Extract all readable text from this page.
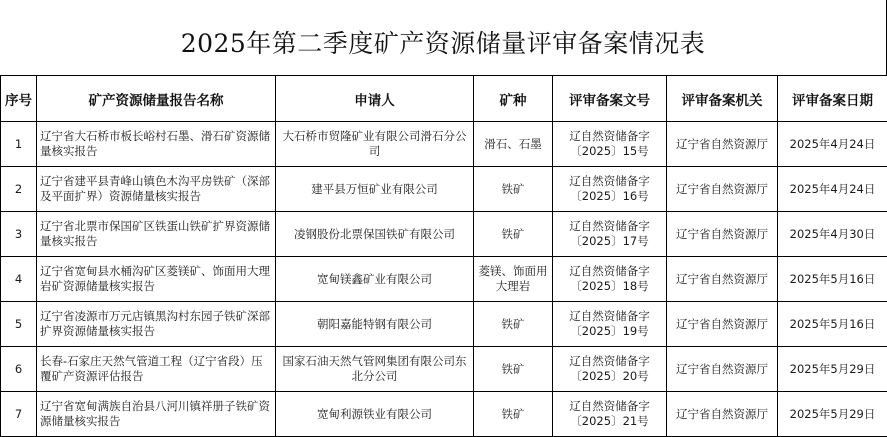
2025年第二季度矿产资源储量评审备案情况表
序号	矿产资源储量报告名称	申请人	矿种	评审备案文号	评审备案机关	评审备案日期
1	辽宁省大石桥市板长峪村石墨、滑石矿资源储量核实报告	大石桥市贸隆矿业有限公司滑石分公司	滑石、石墨	辽自然资储备字〔2025〕15号	辽宁省自然资源厅	2025年4月24日
2	辽宁省建平县青峰山镇色木沟平房铁矿（深部及平面扩界）资源储量核实报告	建平县万恒矿业有限公司	铁矿	辽自然资储备字〔2025〕16号	辽宁省自然资源厅	2025年4月24日
3	辽宁省北票市保国矿区铁蛋山铁矿扩界资源储量核实报告	凌钢股份北票保国铁矿有限公司	铁矿	辽自然资储备字〔2025〕17号	辽宁省自然资源厅	2025年4月30日
4	辽宁省宽甸县水桶沟矿区菱镁矿、饰面用大理岩矿资源储量核实报告	宽甸镁鑫矿业有限公司	菱镁、饰面用大理岩	辽自然资储备字〔2025〕18号	辽宁省自然资源厅	2025年5月16日
5	辽宁省凌源市万元店镇黑沟村东园子铁矿深部扩界资源储量核实报告	朝阳嘉能特钢有限公司	铁矿	辽自然资储备字〔2025〕19号	辽宁省自然资源厅	2025年5月16日
6	长春-石家庄天然气管道工程（辽宁省段）压覆矿产资源评估报告	国家石油天然气管网集团有限公司东北分公司	铁矿	辽自然资储备字〔2025〕20号	辽宁省自然资源厅	2025年5月29日
7	辽宁省宽甸满族自治县八河川镇祥册子铁矿资源储量核实报告	宽甸利源铁业有限公司	铁矿	辽自然资储备字〔2025〕21号	辽宁省自然资源厅	2025年5月29日
